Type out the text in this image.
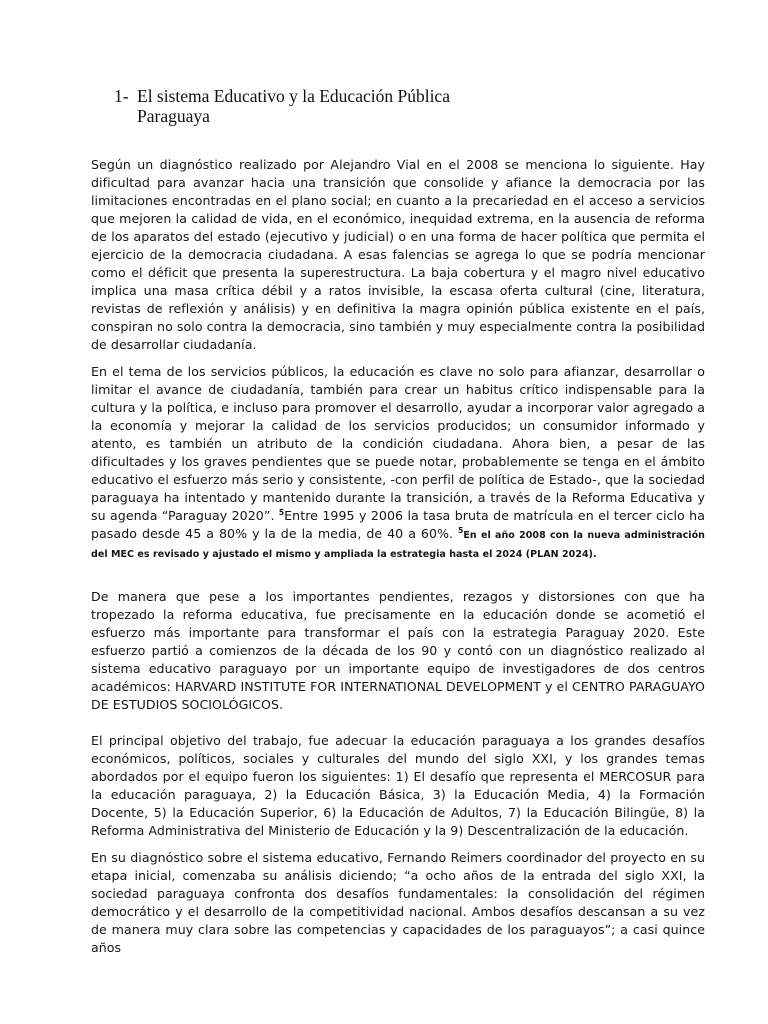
1- El sistema Educativo y la Educación Pública
Paraguaya

Según un diagnóstico realizado por Alejandro Vial en el 2008 se menciona lo siguiente. Hay dificultad para avanzar hacia una transición que consolide y afiance la democracia por las limitaciones encontradas en el plano social; en cuanto a la precariedad en el acceso a servicios que mejoren la calidad de vida, en el económico, inequidad extrema, en la ausencia de reforma de los aparatos del estado (ejecutivo y judicial) o en una forma de hacer política que permita el ejercicio de la democracia ciudadana. A esas falencias se agrega lo que se podría mencionar como el déficit que presenta la superestructura. La baja cobertura y el magro nivel educativo implica una masa crítica débil y a ratos invisible, la escasa oferta cultural (cine, literatura, revistas de reflexión y análisis) y en definitiva la magra opinión pública existente en el país, conspiran no solo contra la democracia, sino también y muy especialmente contra la posibilidad de desarrollar ciudadanía.

En el tema de los servicios públicos, la educación es clave no solo para afianzar, desarrollar o limitar el avance de ciudadanía, también para crear un habitus crítico indispensable para la cultura y la política, e incluso para promover el desarrollo, ayudar a incorporar valor agregado a la economía y mejorar la calidad de los servicios producidos; un consumidor informado y atento, es también un atributo de la condición ciudadana. Ahora bien, a pesar de las dificultades y los graves pendientes que se puede notar, probablemente se tenga en el ámbito educativo el esfuerzo más serio y consistente, -con perfil de política de Estado-, que la sociedad paraguaya ha intentado y mantenido durante la transición, a través de la Reforma Educativa y su agenda “Paraguay 2020”. $^5$Entre 1995 y 2006 la tasa bruta de matrícula en el tercer ciclo ha pasado desde 45 a 80% y la de la media, de 40 a 60%. $^5$En el año 2008 con la nueva administración del MEC es revisado y ajustado el mismo y ampliada la estrategia hasta el 2024 (PLAN 2024).

De manera que pese a los importantes pendientes, rezagos y distorsiones con que ha tropezado la reforma educativa, fue precisamente en la educación donde se acometió el esfuerzo más importante para transformar el país con la estrategia Paraguay 2020. Este esfuerzo partió a comienzos de la década de los 90 y contó con un diagnóstico realizado al sistema educativo paraguayo por un importante equipo de investigadores de dos centros académicos: HARVARD INSTITUTE FOR INTERNATIONAL DEVELOPMENT y el CENTRO PARAGUAYO DE ESTUDIOS SOCIOLÓGICOS.

El principal objetivo del trabajo, fue adecuar la educación paraguaya a los grandes desafíos económicos, políticos, sociales y culturales del mundo del siglo XXI, y los grandes temas abordados por el equipo fueron los siguientes: 1) El desafío que representa el MERCOSUR para la educación paraguaya, 2) la Educación Básica, 3) la Educación Media, 4) la Formación Docente, 5) la Educación Superior, 6) la Educación de Adultos, 7) la Educación Bilingüe, 8) la Reforma Administrativa del Ministerio de Educación y la 9) Descentralización de la educación.

En su diagnóstico sobre el sistema educativo, Fernando Reimers coordinador del proyecto en su etapa inicial, comenzaba su análisis diciendo; “a ocho años de la entrada del siglo XXI, la sociedad paraguaya confronta dos desafíos fundamentales: la consolidación del régimen democrático y el desarrollo de la competitividad nacional. Ambos desafíos descansan a su vez de manera muy clara sobre las competencias y capacidades de los paraguayos”; a casi quince años
